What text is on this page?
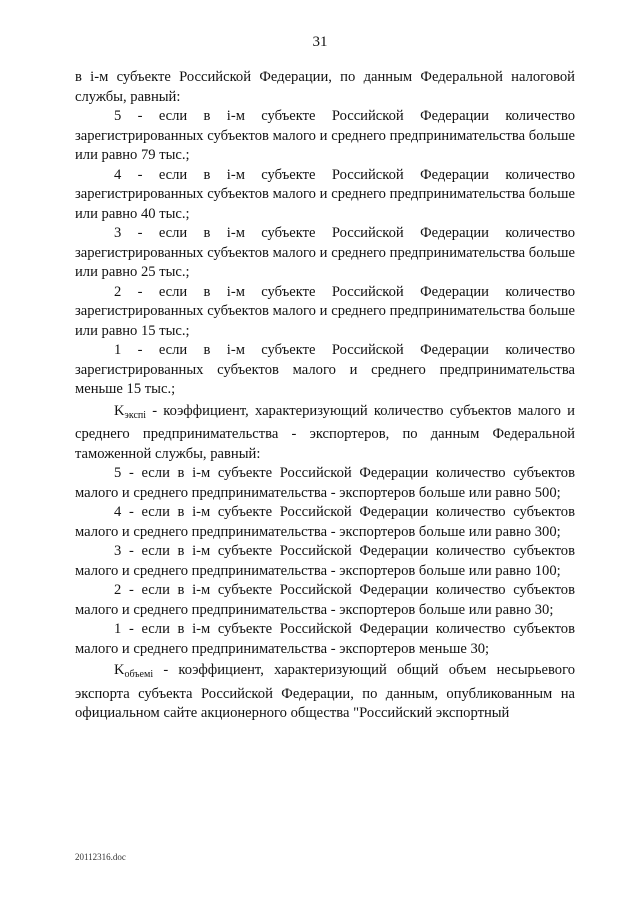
31

в i-м субъекте Российской Федерации, по данным Федеральной налоговой службы, равный:

5 - если в i-м субъекте Российской Федерации количество зарегистрированных субъектов малого и среднего предпринимательства больше или равно 79 тыс.;

4 - если в i-м субъекте Российской Федерации количество зарегистрированных субъектов малого и среднего предпринимательства больше или равно 40 тыс.;

3 - если в i-м субъекте Российской Федерации количество зарегистрированных субъектов малого и среднего предпринимательства больше или равно 25 тыс.;

2 - если в i-м субъекте Российской Федерации количество зарегистрированных субъектов малого и среднего предпринимательства больше или равно 15 тыс.;

1 - если в i-м субъекте Российской Федерации количество зарегистрированных субъектов малого и среднего предпринимательства меньше 15 тыс.;

$K_{экспi}$ - коэффициент, характеризующий количество субъектов малого и среднего предпринимательства - экспортеров, по данным Федеральной таможенной службы, равный:

5 - если в i-м субъекте Российской Федерации количество субъектов малого и среднего предпринимательства - экспортеров больше или равно 500;

4 - если в i-м субъекте Российской Федерации количество субъектов малого и среднего предпринимательства - экспортеров больше или равно 300;

3 - если в i-м субъекте Российской Федерации количество субъектов малого и среднего предпринимательства - экспортеров больше или равно 100;

2 - если в i-м субъекте Российской Федерации количество субъектов малого и среднего предпринимательства - экспортеров больше или равно 30;

1 - если в i-м субъекте Российской Федерации количество субъектов малого и среднего предпринимательства - экспортеров меньше 30;

$K_{объемi}$ - коэффициент, характеризующий общий объем несырьевого экспорта субъекта Российской Федерации, по данным, опубликованным на официальном сайте акционерного общества "Российский экспортный

20112316.doc
